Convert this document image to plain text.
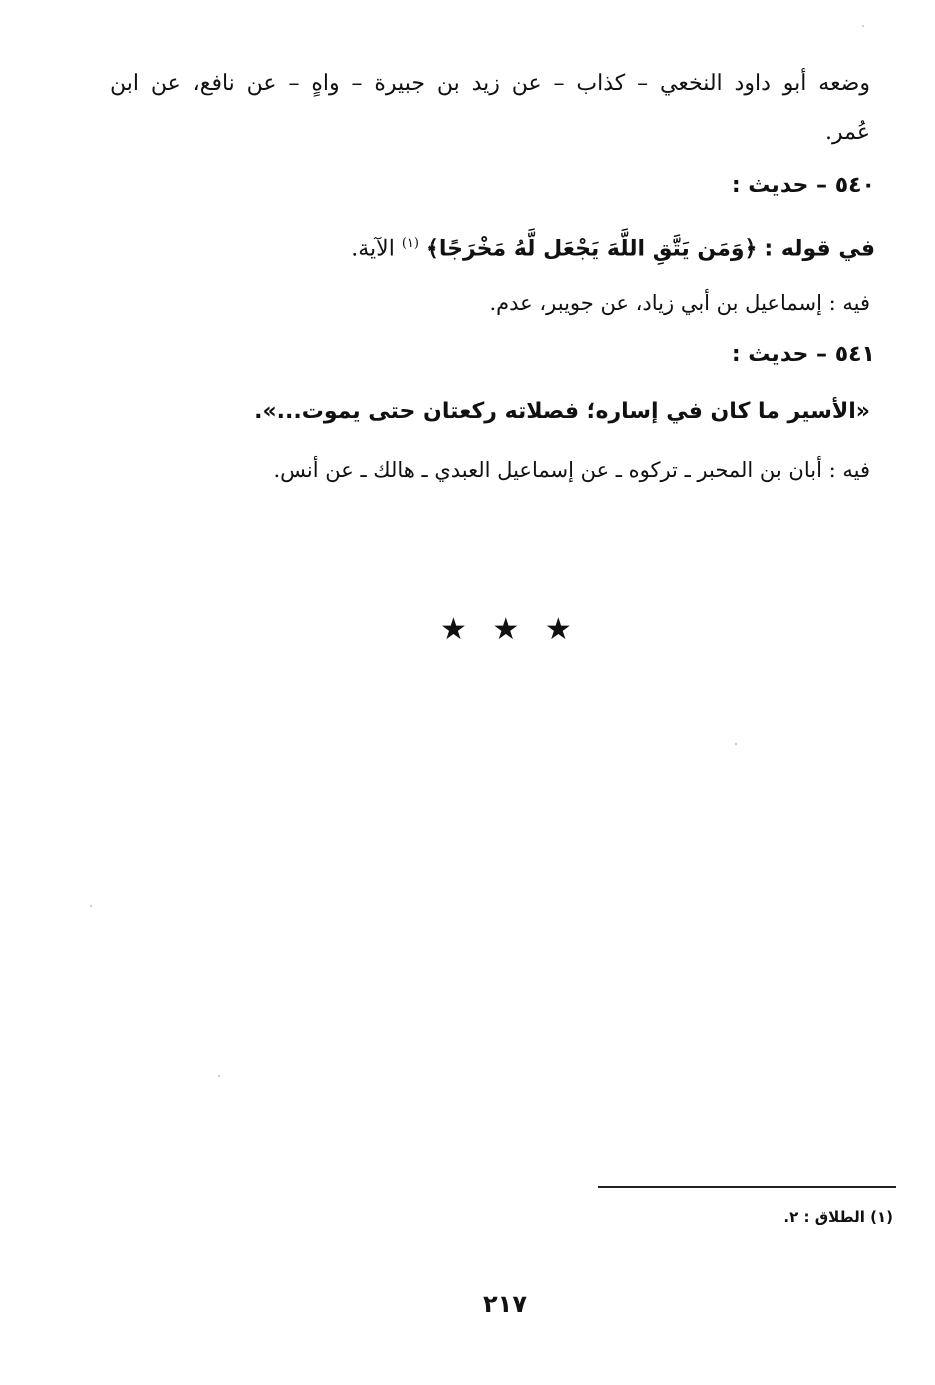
وضعه أبو داود النخعي – كذاب – عن زيد بن جبيرة – واهٍ – عن نافع، عن ابن
عُمر.
٥٤٠ – حديث :
في قوله : ﴿وَمَن يَتَّقِ اللَّهَ يَجْعَل لَّهُ مَخْرَجًا﴾ $^{(١)}$ الآية.
فيه : إسماعيل بن أبي زياد، عن جويبر، عدم.
٥٤١ – حديث :
«الأسير ما كان في إساره؛ فصلاته ركعتان حتى يموت...».
فيه : أبان بن المحبر ـ تركوه ـ عن إسماعيل العبدي ـ هالك ـ عن أنس.
★ ★ ★
(١) الطلاق : ٢.
٢١٧
